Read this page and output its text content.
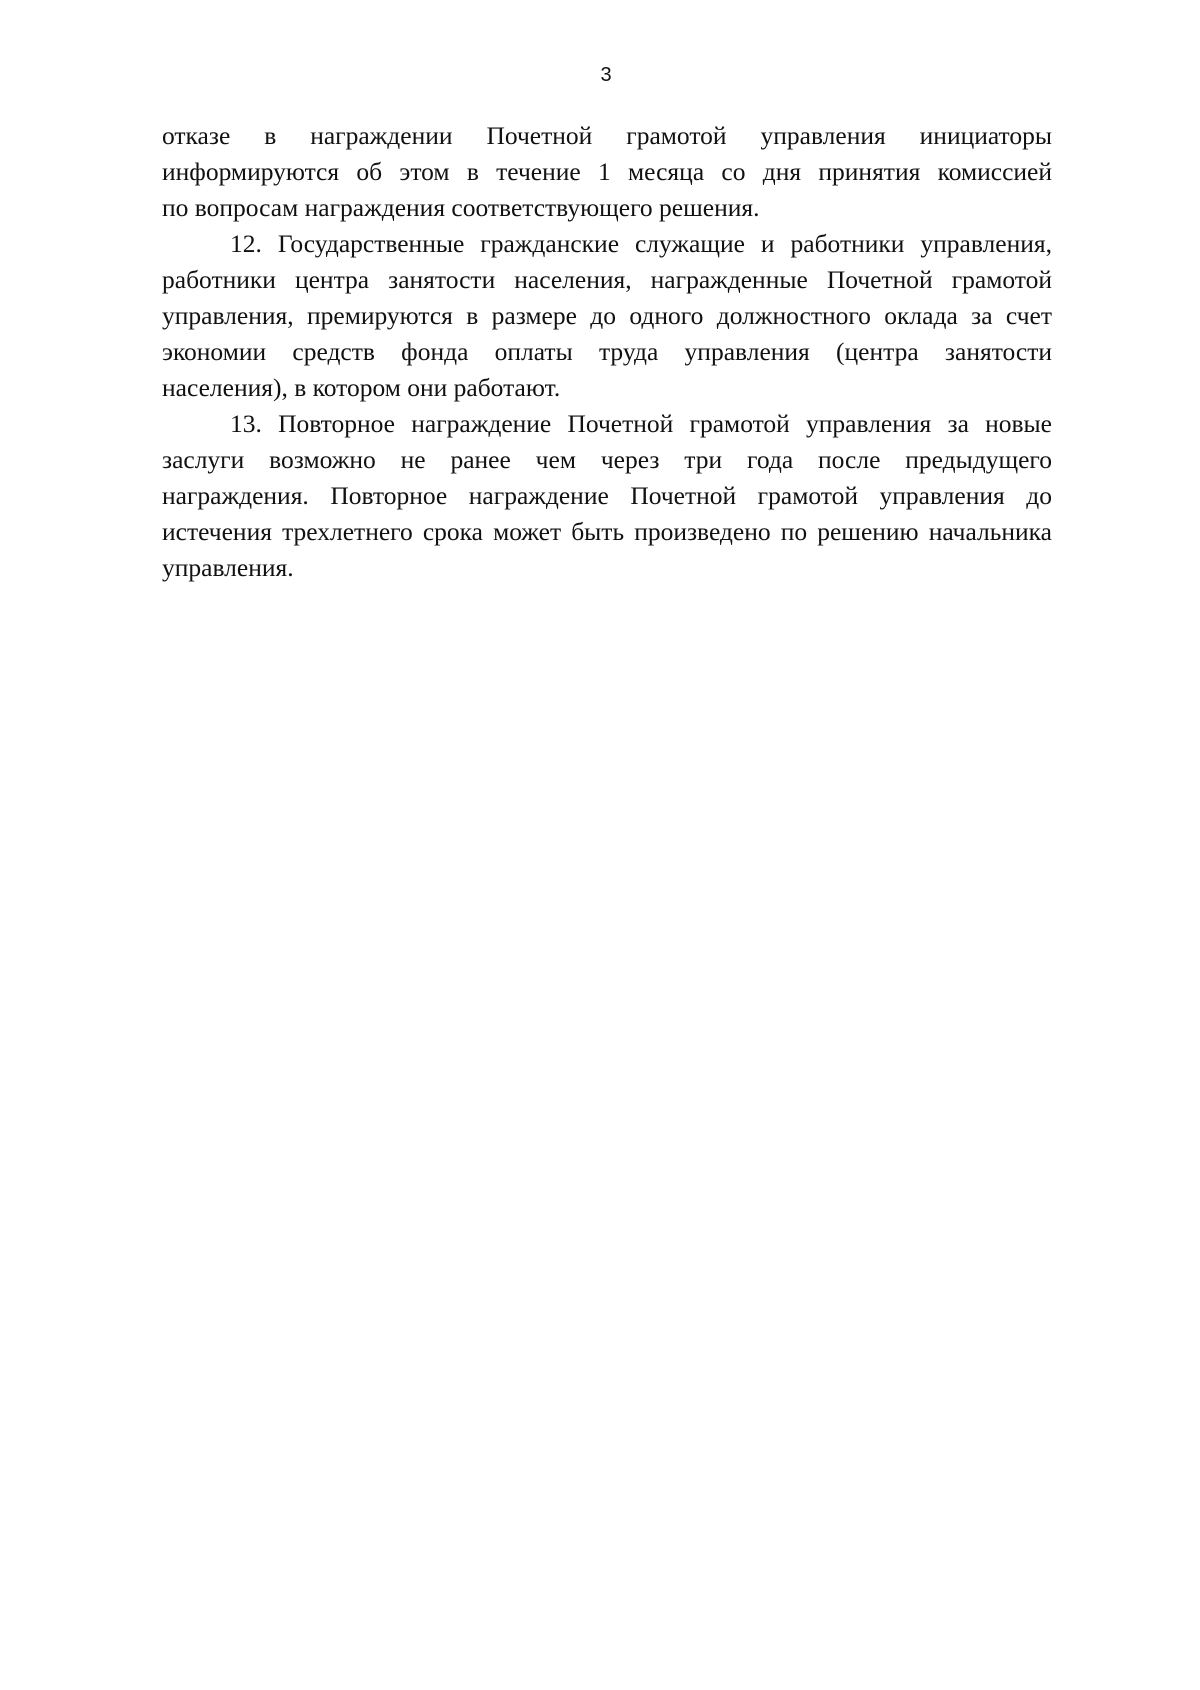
3
отказе в награждении Почетной грамотой управления инициаторы
информируются об этом в течение 1 месяца со дня принятия комиссией
по вопросам награждения соответствующего решения.
12. Государственные гражданские служащие и работники управления,
работники центра занятости населения, награжденные Почетной грамотой
управления, премируются в размере до одного должностного оклада за счет
экономии средств фонда оплаты труда управления (центра занятости
населения), в котором они работают.
13. Повторное награждение Почетной грамотой управления за новые
заслуги возможно не ранее чем через три года после предыдущего
награждения. Повторное награждение Почетной грамотой управления до
истечения трехлетнего срока может быть произведено по решению начальника
управления.
